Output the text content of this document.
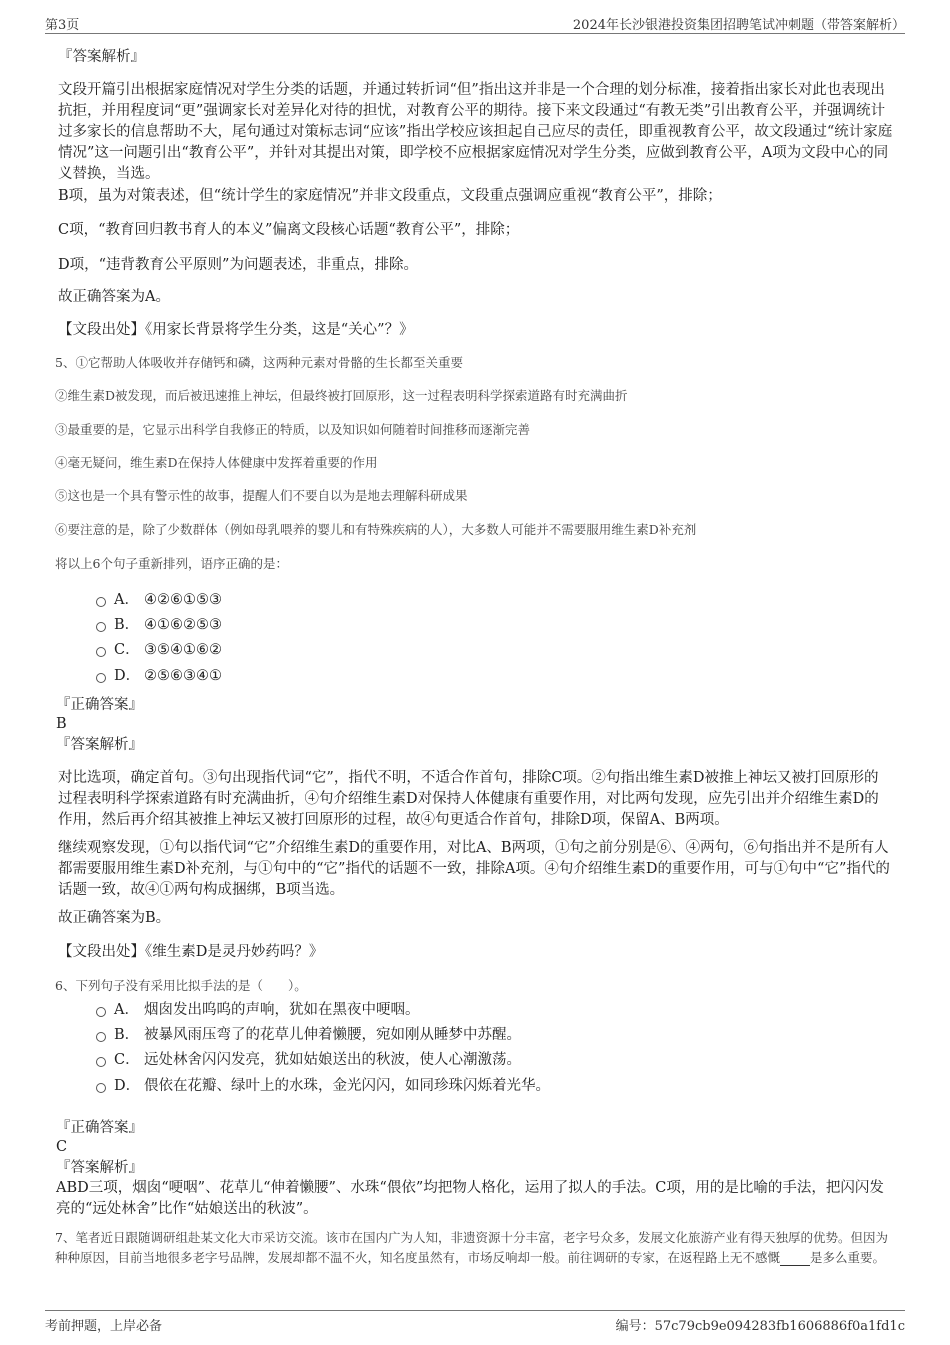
第3页	2024年长沙银港投资集团招聘笔试冲刺题（带答案解析）
『答案解析』
文段开篇引出根据家庭情况对学生分类的话题，并通过转折词“但”指出这并非是一个合理的划分标准，接着指出家长对此也表现出抗拒，并用程度词“更”强调家长对差异化对待的担忧，对教育公平的期待。接下来文段通过“有教无类”引出教育公平，并强调统计过多家长的信息帮助不大，尾句通过对策标志词“应该”指出学校应该担起自己应尽的责任，即重视教育公平，故文段通过“统计家庭情况”这一问题引出“教育公平”，并针对其提出对策，即学校不应根据家庭情况对学生分类，应做到教育公平，A项为文段中心的同义替换，当选。
B项，虽为对策表述，但“统计学生的家庭情况”并非文段重点，文段重点强调应重视“教育公平”，排除；
C项，“教育回归教书育人的本义”偏离文段核心话题“教育公平”，排除；
D项，“违背教育公平原则”为问题表述，非重点，排除。
故正确答案为A。
【文段出处】《用家长背景将学生分类，这是“关心”？》
5、①它帮助人体吸收并存储钙和磷，这两种元素对骨骼的生长都至关重要
②维生素D被发现，而后被迅速推上神坛，但最终被打回原形，这一过程表明科学探索道路有时充满曲折
③最重要的是，它显示出科学自我修正的特质，以及知识如何随着时间推移而逐渐完善
④毫无疑问，维生素D在保持人体健康中发挥着重要的作用
⑤这也是一个具有警示性的故事，提醒人们不要自以为是地去理解科研成果
⑥要注意的是，除了少数群体（例如母乳喂养的婴儿和有特殊疾病的人），大多数人可能并不需要服用维生素D补充剂
将以上6个句子重新排列，语序正确的是：
A． ④②⑥①⑤③
B． ④①⑥②⑤③
C． ③⑤④①⑥②
D． ②⑤⑥③④①
『正确答案』
B
『答案解析』
对比选项，确定首句。③句出现指代词“它”，指代不明，不适合作首句，排除C项。②句指出维生素D被推上神坛又被打回原形的过程表明科学探索道路有时充满曲折，④句介绍维生素D对保持人体健康有重要作用，对比两句发现，应先引出并介绍维生素D的作用，然后再介绍其被推上神坛又被打回原形的过程，故④句更适合作首句，排除D项，保留A、B两项。
继续观察发现，①句以指代词“它”介绍维生素D的重要作用，对比A、B两项，①句之前分别是⑥、④两句，⑥句指出并不是所有人都需要服用维生素D补充剂，与①句中的“它”指代的话题不一致，排除A项。④句介绍维生素D的重要作用，可与①句中“它”指代的话题一致，故④①两句构成捆绑，B项当选。
故正确答案为B。
【文段出处】《维生素D是灵丹妙药吗？》
6、下列句子没有采用比拟手法的是（　　）。
A． 烟囱发出呜呜的声响，犹如在黑夜中哽咽。
B． 被暴风雨压弯了的花草儿伸着懒腰，宛如刚从睡梦中苏醒。
C． 远处林舍闪闪发亮，犹如姑娘送出的秋波，使人心潮激荡。
D． 偎依在花瓣、绿叶上的水珠，金光闪闪，如同珍珠闪烁着光华。
『正确答案』
C
『答案解析』
ABD三项，烟囱“哽咽”、花草儿“伸着懒腰”、水珠“偎依”均把物人格化，运用了拟人的手法。C项，用的是比喻的手法，把闪闪发亮的“远处林舍”比作“姑娘送出的秋波”。
7、笔者近日跟随调研组赴某文化大市采访交流。该市在国内广为人知，非遗资源十分丰富，老字号众多，发展文化旅游产业有得天独厚的优势。但因为种种原因，目前当地很多老字号品牌，发展却都不温不火，知名度虽然有，市场反响却一般。前往调研的专家，在返程路上无不感慨 是多么重要。
考前押题，上岸必备	编号：57c79cb9e094283fb1606886f0a1fd1c
